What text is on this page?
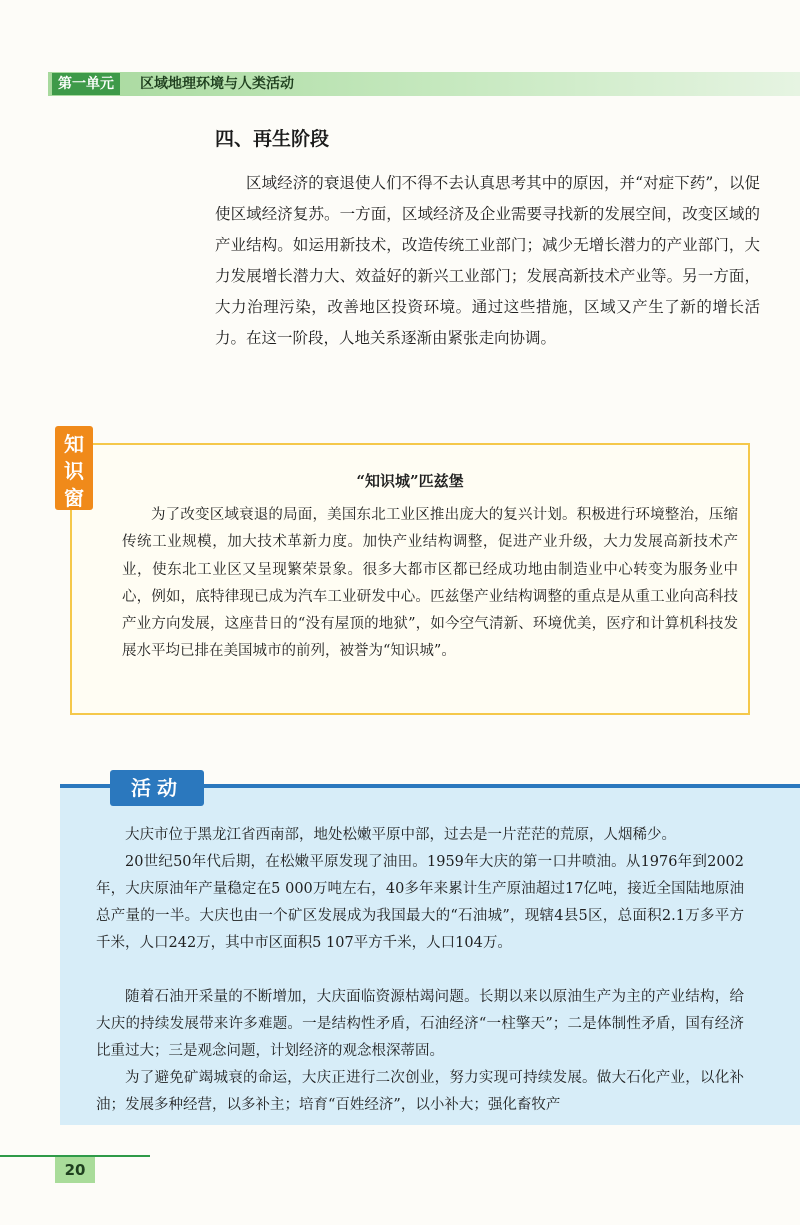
第一单元	区域地理环境与人类活动
四、再生阶段

区域经济的衰退使人们不得不去认真思考其中的原因，并“对症下药”，以促使区域经济复苏。一方面，区域经济及企业需要寻找新的发展空间，改变区域的产业结构。如运用新技术，改造传统工业部门；减少无增长潜力的产业部门，大力发展增长潜力大、效益好的新兴工业部门；发展高新技术产业等。另一方面，大力治理污染，改善地区投资环境。通过这些措施，区域又产生了新的增长活力。在这一阶段，人地关系逐渐由紧张走向协调。

知
识
窗
“知识城”匹兹堡

为了改变区域衰退的局面，美国东北工业区推出庞大的复兴计划。积极进行环境整治，压缩传统工业规模，加大技术革新力度。加快产业结构调整，促进产业升级，大力发展高新技术产业，使东北工业区又呈现繁荣景象。很多大都市区都已经成功地由制造业中心转变为服务业中心，例如，底特律现已成为汽车工业研发中心。匹兹堡产业结构调整的重点是从重工业向高科技产业方向发展，这座昔日的“没有屋顶的地狱”，如今空气清新、环境优美，医疗和计算机科技发展水平均已排在美国城市的前列，被誉为“知识城”。

活动

大庆市位于黑龙江省西南部，地处松嫩平原中部，过去是一片茫茫的荒原，人烟稀少。

20世纪50年代后期，在松嫩平原发现了油田。1959年大庆的第一口井喷油。从1976年到2002年，大庆原油年产量稳定在5 000万吨左右，40多年来累计生产原油超过17亿吨，接近全国陆地原油总产量的一半。大庆也由一个矿区发展成为我国最大的“石油城”，现辖4县5区，总面积2.1万多平方千米，人口242万，其中市区面积5 107平方千米，人口104万。

随着石油开采量的不断增加，大庆面临资源枯竭问题。长期以来以原油生产为主的产业结构，给大庆的持续发展带来许多难题。一是结构性矛盾，石油经济“一柱擎天”；二是体制性矛盾，国有经济比重过大；三是观念问题，计划经济的观念根深蒂固。

为了避免矿竭城衰的命运，大庆正进行二次创业，努力实现可持续发展。做大石化产业，以化补油；发展多种经营，以多补主；培育“百姓经济”，以小补大；强化畜牧产

20
